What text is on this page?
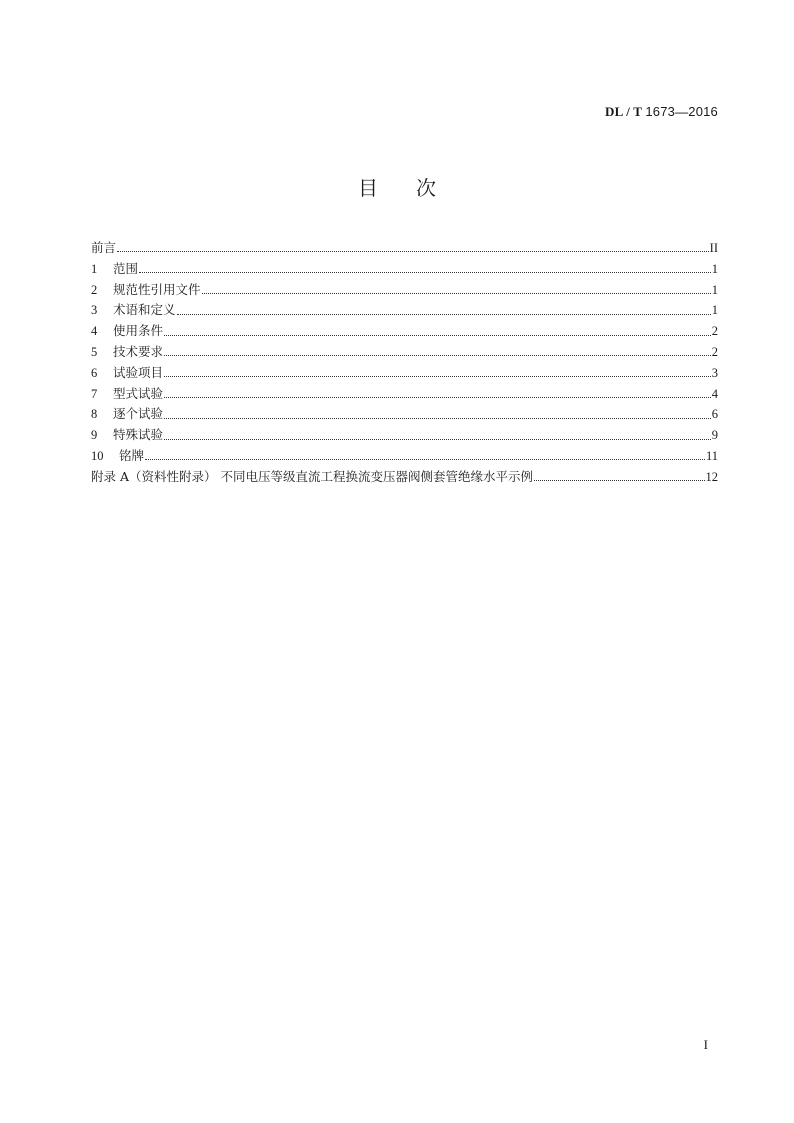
DL / T 1673—2016
目次
前言	II
1	范围	1
2	规范性引用文件	1
3	术语和定义	1
4	使用条件	2
5	技术要求	2
6	试验项目	3
7	型式试验	4
8	逐个试验	6
9	特殊试验	9
10	铭牌	11
附录 A（资料性附录） 不同电压等级直流工程换流变压器阀侧套管绝缘水平示例	12
I
